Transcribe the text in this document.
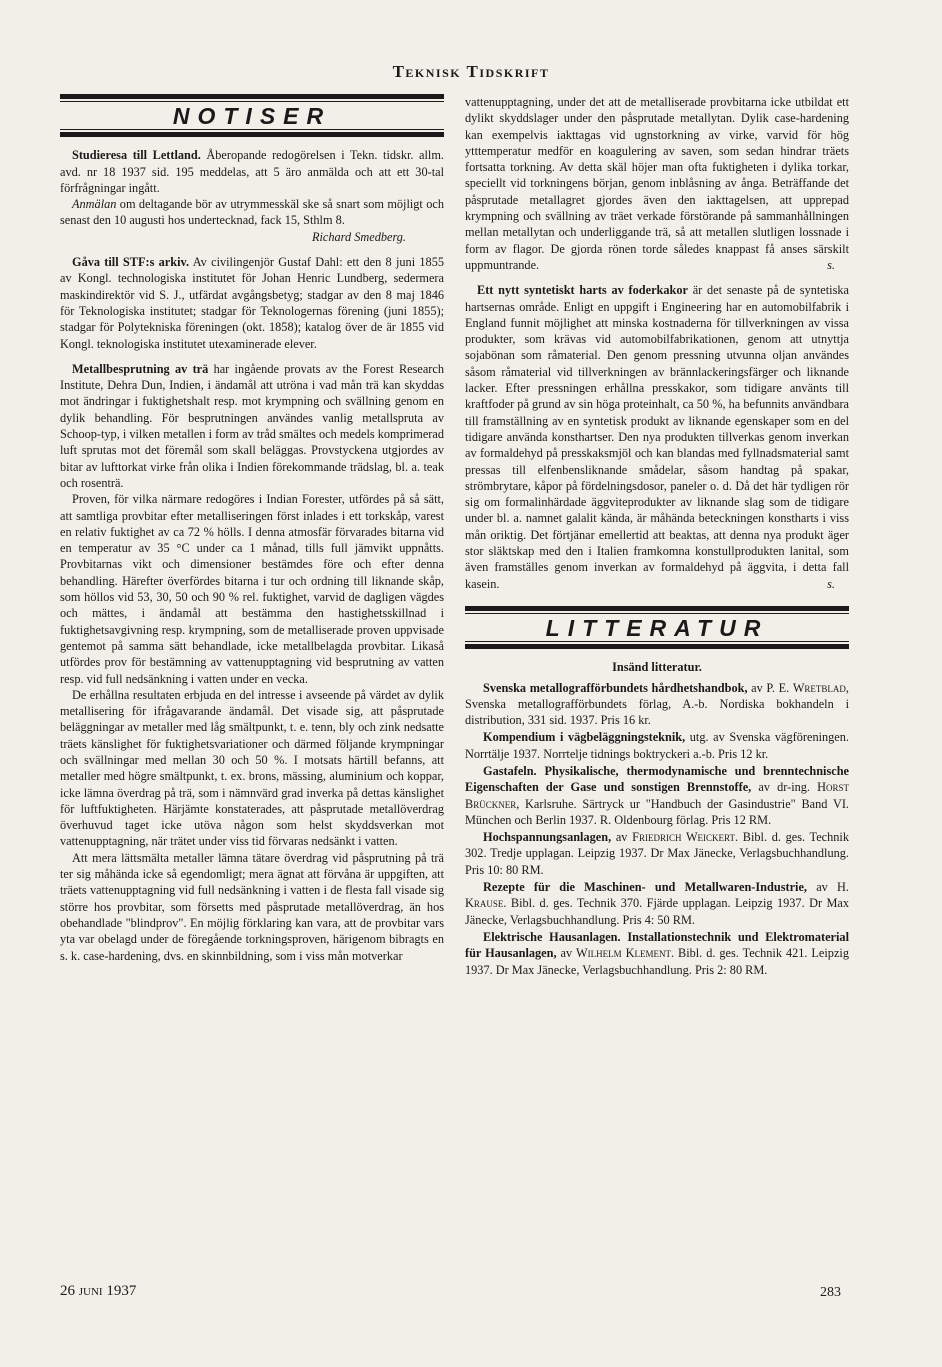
Teknisk Tidskrift
NOTISER

Studieresa till Lettland. Åberopande redogörelsen i Tekn. tidskr. allm. avd. nr 18 1937 sid. 195 meddelas, att 5 äro anmälda och att ett 30-tal förfrågningar ingått.

Anmälan om deltagande bör av utrymmesskäl ske så snart som möjligt och senast den 10 augusti hos undertecknad, fack 15, Sthlm 8.

Richard Smedberg.

Gåva till STF:s arkiv. Av civilingenjör Gustaf Dahl: ett den 8 juni 1855 av Kongl. technologiska institutet för Johan Henric Lundberg, sedermera maskindirektör vid S. J., utfärdat avgångsbetyg; stadgar av den 8 maj 1846 för Teknologiska institutet; stadgar för Teknologernas förening (juni 1855); stadgar för Polytekniska föreningen (okt. 1858); katalog över de är 1855 vid Kongl. teknologiska institutet utexaminerade elever.

Metallbesprutning av trä har ingående provats av the Forest Research Institute, Dehra Dun, Indien, i ändamål att utröna i vad mån trä kan skyddas mot ändringar i fuktighetshalt resp. mot krympning och svällning genom en dylik behandling. För besprutningen användes vanlig metallspruta av Schoop-typ, i vilken metallen i form av tråd smältes och medels komprimerad luft sprutas mot det föremål som skall beläggas. Provstyckena utgjordes av bitar av lufttorkat virke från olika i Indien förekommande trädslag, bl. a. teak och rosenträ.

Proven, för vilka närmare redogöres i Indian Forester, utfördes på så sätt, att samtliga provbitar efter metalliseringen först inlades i ett torkskåp, varest en relativ fuktighet av ca 72 % hölls. I denna atmosfär förvarades bitarna vid en temperatur av 35 °C under ca 1 månad, tills full jämvikt uppnåtts. Provbitarnas vikt och dimensioner bestämdes före och efter denna behandling. Härefter överfördes bitarna i tur och ordning till liknande skåp, som höllos vid 53, 30, 50 och 90 % rel. fuktighet, varvid de dagligen vägdes och mättes, i ändamål att bestämma den hastighetsskillnad i fuktighetsavgivning resp. krympning, som de metalliserade proven uppvisade gentemot på samma sätt behandlade, icke metallbelagda provbitar. Likaså utfördes prov för bestämning av vattenupptagning vid besprutning av vatten resp. vid full nedsänkning i vatten under en vecka.

De erhållna resultaten erbjuda en del intresse i avseende på värdet av dylik metallisering för ifrågavarande ändamål. Det visade sig, att påsprutade beläggningar av metaller med låg smältpunkt, t. e. tenn, bly och zink nedsatte träets känslighet för fuktighetsvariationer och därmed följande krympningar och svällningar med mellan 30 och 50 %. I motsats härtill befanns, att metaller med högre smältpunkt, t. ex. brons, mässing, aluminium och koppar, icke lämna överdrag på trä, som i nämnvärd grad inverka på dettas känslighet för luftfuktigheten. Härjämte konstaterades, att påsprutade metallöverdrag överhuvud taget icke utöva någon som helst skyddsverkan mot vattenupptagning, när trätet under viss tid förvaras nedsänkt i vatten.

Att mera lättsmälta metaller lämna tätare överdrag vid påsprutning på trä ter sig måhända icke så egendomligt; mera ägnat att förvåna är uppgiften, att träets vattenupptagning vid full nedsänkning i vatten i de flesta fall visade sig större hos provbitar, som försetts med påsprutade metallöverdrag, än hos obehandlade "blindprov". En möjlig förklaring kan vara, att de provbitar vars yta var obelagd under de föregående torkningsproven, härigenom bibragts en s. k. case-hardening, dvs. en skinnbildning, som i viss mån motverkar

vattenupptagning, under det att de metalliserade provbitarna icke utbildat ett dylikt skyddslager under den påsprutade metallytan. Dylik case-hardening kan exempelvis iakttagas vid ugnstorkning av virke, varvid för hög ytttemperatur medför en koagulering av saven, som sedan hindrar träets fortsatta torkning. Av detta skäl höjer man ofta fuktigheten i dylika torkar, speciellt vid torkningens början, genom inblåsning av ånga. Beträffande det påsprutade metallagret gjordes även den iakttagelsen, att upprepad krympning och svällning av träet verkade förstörande på sammanhållningen mellan metallytan och underliggande trä, så att metallen slutligen lossnade i form av flagor. De gjorda rönen torde således knappast få anses särskilt uppmuntrande.	s.

Ett nytt syntetiskt harts av foderkakor är det senaste på de syntetiska hartsernas område. Enligt en uppgift i Engineering har en automobilfabrik i England funnit möjlighet att minska kostnaderna för tillverkningen av vissa produkter, som krävas vid automobilfabrikationen, genom att utnyttja sojabönan som råmaterial. Den genom pressning utvunna oljan användes såsom råmaterial vid tillverkningen av brännlackeringsfärger och liknande lacker. Efter pressningen erhållna presskakor, som tidigare använts till kraftfoder på grund av sin höga proteinhalt, ca 50 %, ha befunnits användbara till framställning av en syntetisk produkt av liknande egenskaper som en del tidigare använda konsthartser. Den nya produkten tillverkas genom inverkan av formaldehyd på presskaksmjöl och kan blandas med fyllnadsmaterial samt pressas till elfenbensliknande smådelar, såsom handtag på spakar, strömbrytare, kåpor på fördelningsdosor, paneler o. d. Då det här tydligen rör sig om formalinhärdade äggviteprodukter av liknande slag som de tidigare under bl. a. namnet galalit kända, är måhända beteckningen konstharts i viss mån oriktig. Det förtjänar emellertid att beaktas, att denna nya produkt äger stor släktskap med den i Italien framkomna konstullprodukten lanital, som även framställes genom inverkan av formaldehyd på äggvita, i detta fall kasein.	s.

LITTERATUR
Insänd litteratur.

Svenska metallografförbundets hårdhetshandbok, av P. E. Wretblad, Svenska metallografförbundets förlag, A.-b. Nordiska bokhandeln i distribution, 331 sid. 1937. Pris 16 kr.

Kompendium i vägbeläggningsteknik, utg. av Svenska vägföreningen. Norrtälje 1937. Norrtelje tidnings boktryckeri a.-b. Pris 12 kr.

Gastafeln. Physikalische, thermodynamische und brenntechnische Eigenschaften der Gase und sonstigen Brennstoffe, av dr-ing. Horst Brückner, Karlsruhe. Särtryck ur "Handbuch der Gasindustrie" Band VI. München och Berlin 1937. R. Oldenbourg förlag. Pris 12 RM.

Hochspannungsanlagen, av Friedrich Weickert. Bibl. d. ges. Technik 302. Tredje upplagan. Leipzig 1937. Dr Max Jänecke, Verlagsbuchhandlung. Pris 10: 80 RM.

Rezepte für die Maschinen- und Metallwaren-Industrie, av H. Krause. Bibl. d. ges. Technik 370. Fjärde upplagan. Leipzig 1937. Dr Max Jänecke, Verlagsbuchhandlung. Pris 4: 50 RM.

Elektrische Hausanlagen. Installationstechnik und Elektromaterial für Hausanlagen, av Wilhelm Klement. Bibl. d. ges. Technik 421. Leipzig 1937. Dr Max Jänecke, Verlagsbuchhandlung. Pris 2: 80 RM.

26 juni 1937	283
